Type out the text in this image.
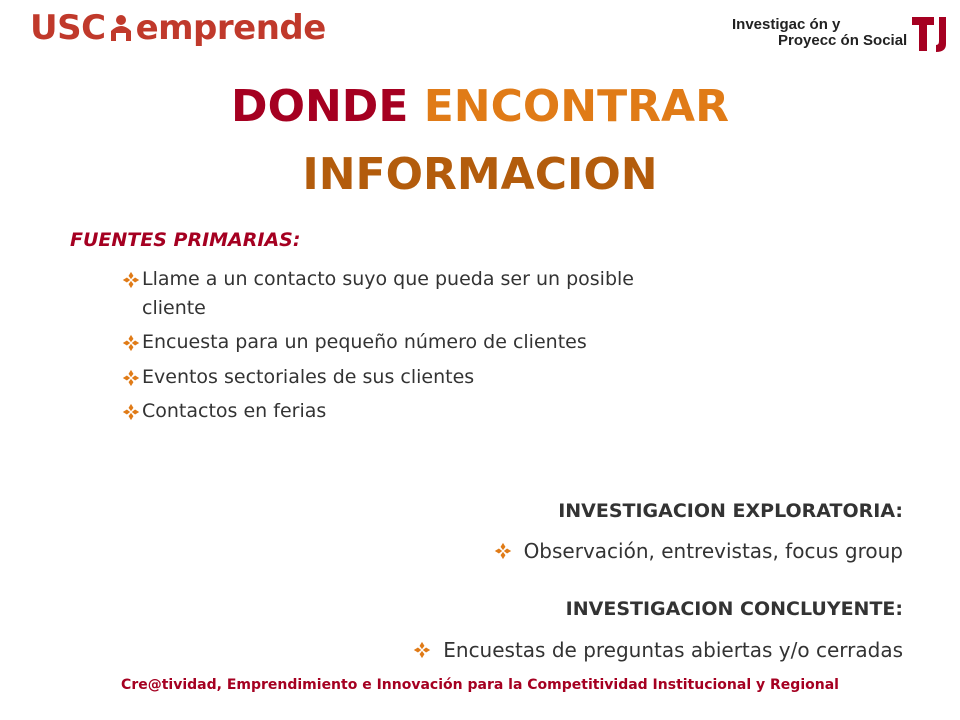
USC emprende	Investigac ón y
Proyecc ón Social
DONDE ENCONTRAR
INFORMACION
FUENTES PRIMARIAS:
Llame a un contacto suyo que pueda ser un posible cliente
Encuesta para un pequeño número de clientes
Eventos sectoriales de sus clientes
Contactos en ferias
INVESTIGACION EXPLORATORIA:
Observación, entrevistas, focus group
INVESTIGACION CONCLUYENTE:
Encuestas de preguntas abiertas y/o cerradas
Cre@tividad, Emprendimiento e Innovación para la Competitividad Institucional y Regional
